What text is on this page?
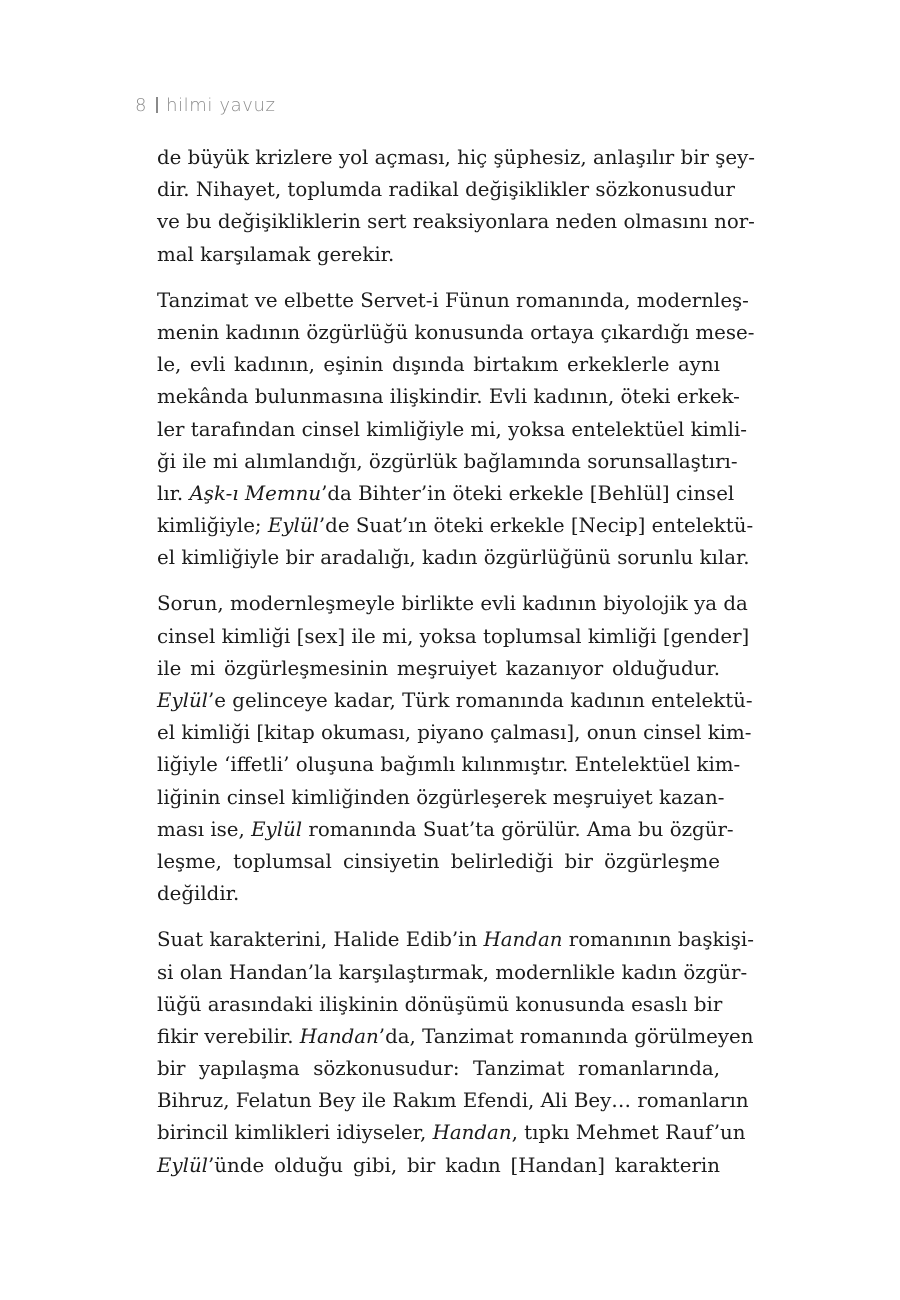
8 hilmi yavuz

de büyük krizlere yol açması, hiç şüphesiz, anlaşılır bir şey-
dir. Nihayet, toplumda radikal değişiklikler sözkonusudur
ve bu değişikliklerin sert reaksiyonlara neden olmasını nor-
mal karşılamak gerekir.

Tanzimat ve elbette Servet-i Fünun romanında, modernleş-
menin kadının özgürlüğü konusunda ortaya çıkardığı mese-
le, evli kadının, eşinin dışında birtakım erkeklerle aynı
mekânda bulunmasına ilişkindir. Evli kadının, öteki erkek-
ler tarafından cinsel kimliğiyle mi, yoksa entelektüel kimli-
ği ile mi alımlandığı, özgürlük bağlamında sorunsallaştırı-
lır. Aşk-ı Memnu’da Bihter’in öteki erkekle [Behlül] cinsel
kimliğiyle; Eylül’de Suat’ın öteki erkekle [Necip] entelektü-
el kimliğiyle bir aradalığı, kadın özgürlüğünü sorunlu kılar.

Sorun, modernleşmeyle birlikte evli kadının biyolojik ya da
cinsel kimliği [sex] ile mi, yoksa toplumsal kimliği [gender]
ile mi özgürleşmesinin meşruiyet kazanıyor olduğudur.
Eylül’e gelinceye kadar, Türk romanında kadının entelektü-
el kimliği [kitap okuması, piyano çalması], onun cinsel kim-
liğiyle ‘iffetli’ oluşuna bağımlı kılınmıştır. Entelektüel kim-
liğinin cinsel kimliğinden özgürleşerek meşruiyet kazan-
ması ise, Eylül romanında Suat’ta görülür. Ama bu özgür-
leşme, toplumsal cinsiyetin belirlediği bir özgürleşme
değildir.

Suat karakterini, Halide Edib’in Handan romanının başkişi-
si olan Handan’la karşılaştırmak, modernlikle kadın özgür-
lüğü arasındaki ilişkinin dönüşümü konusunda esaslı bir
fikir verebilir. Handan’da, Tanzimat romanında görülmeyen
bir yapılaşma sözkonusudur: Tanzimat romanlarında,
Bihruz, Felatun Bey ile Rakım Efendi, Ali Bey… romanların
birincil kimlikleri idiyseler, Handan, tıpkı Mehmet Rauf’un
Eylül’ünde olduğu gibi, bir kadın [Handan] karakterin
